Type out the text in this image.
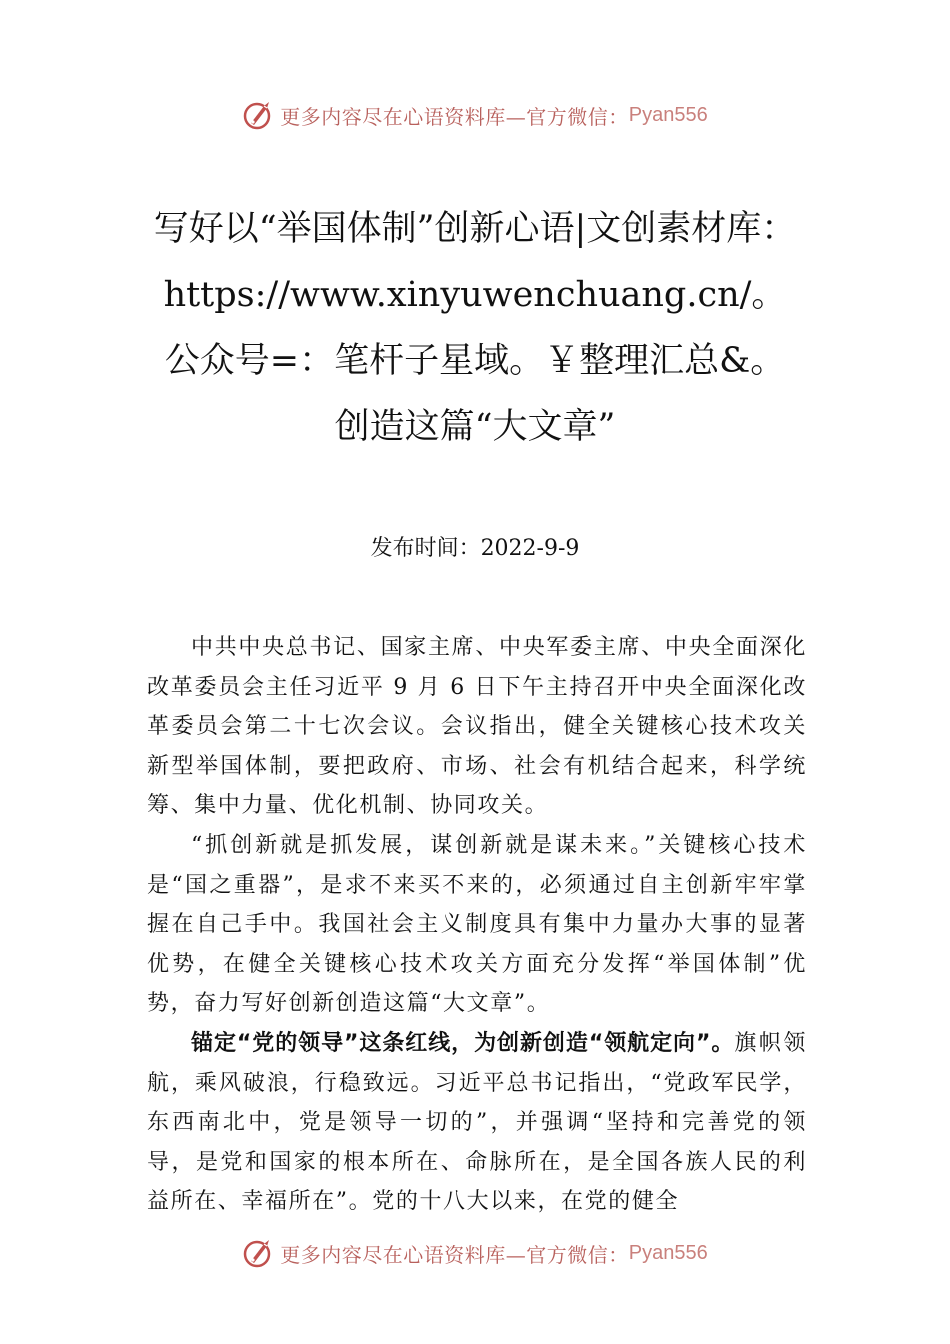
更多内容尽在心语资料库—官方微信： Pyan556
写好以“举国体制”创新心语|文创素材库：https://www.xinyuwenchuang.cn/。公众号=：笔杆子星域。￥整理汇总&。创造这篇“大文章”
发布时间：2022-9-9

中共中央总书记、国家主席、中央军委主席、中央全面深化改革委员会主任习近平 9 月 6 日下午主持召开中央全面深化改革委员会第二十七次会议。会议指出，健全关键核心技术攻关新型举国体制，要把政府、市场、社会有机结合起来，科学统筹、集中力量、优化机制、协同攻关。

“抓创新就是抓发展，谋创新就是谋未来。”关键核心技术是“国之重器”，是求不来买不来的，必须通过自主创新牢牢掌握在自己手中。我国社会主义制度具有集中力量办大事的显著优势，在健全关键核心技术攻关方面充分发挥“举国体制”优势，奋力写好创新创造这篇“大文章”。

锚定“党的领导”这条红线，为创新创造“领航定向”。旗帜领航，乘风破浪，行稳致远。习近平总书记指出，“党政军民学，东西南北中，党是领导一切的”，并强调“坚持和完善党的领导，是党和国家的根本所在、命脉所在，是全国各族人民的利益所在、幸福所在”。党的十八大以来，在党的健全

更多内容尽在心语资料库—官方微信： Pyan556
